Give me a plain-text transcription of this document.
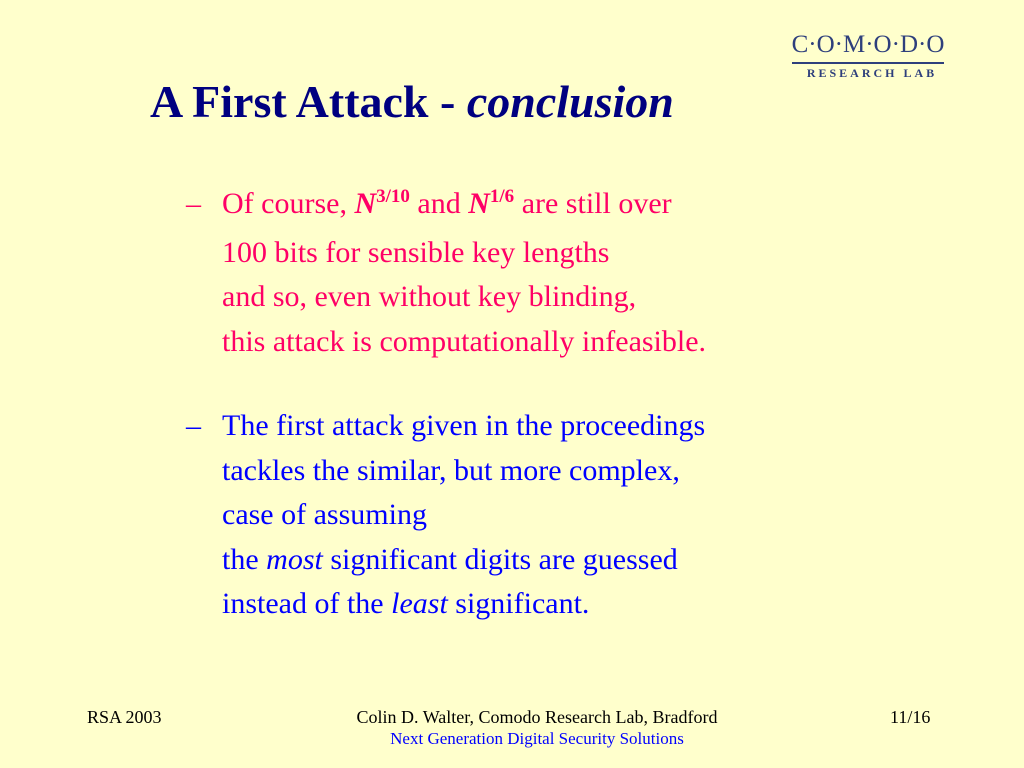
C·O·M·O·D·O
RESEARCH LAB
A First Attack - conclusion
– Of course, $N^{3/10}$ and $N^{1/6}$ are still over
100 bits for sensible key lengths
and so, even without key blinding,
this attack is computationally infeasible.
– The first attack given in the proceedings
tackles the similar, but more complex,
case of assuming
the most significant digits are guessed
instead of the least significant.
RSA 2003	Colin D. Walter, Comodo Research Lab, Bradford
Next Generation Digital Security Solutions
11/16
